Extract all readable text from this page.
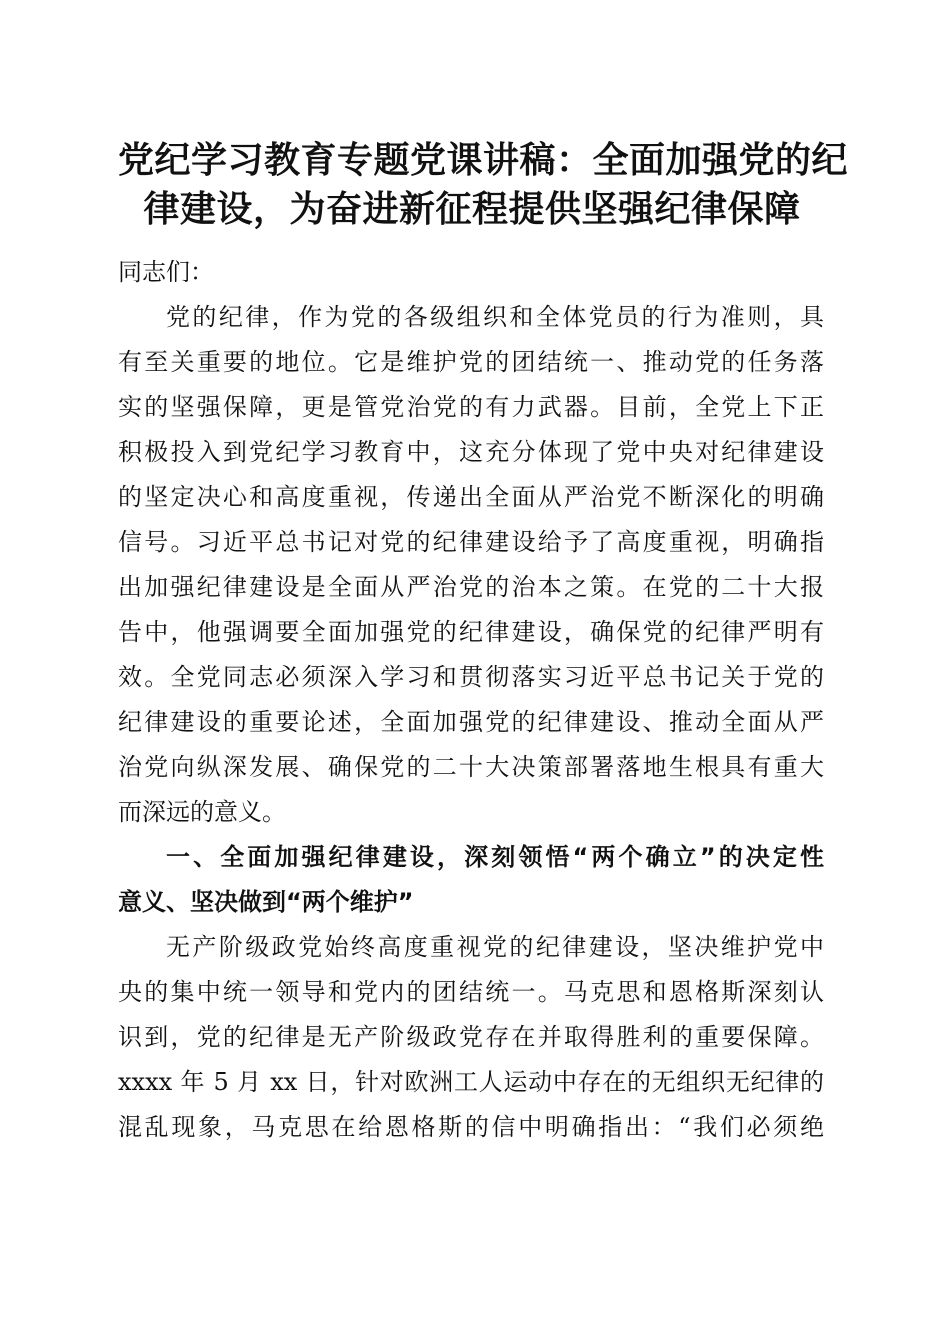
党纪学习教育专题党课讲稿：全面加强党的纪
律建设，为奋进新征程提供坚强纪律保障
同志们：
党的纪律，作为党的各级组织和全体党员的行为准则，具
有至关重要的地位。它是维护党的团结统一、推动党的任务落
实的坚强保障，更是管党治党的有力武器。目前，全党上下正
积极投入到党纪学习教育中，这充分体现了党中央对纪律建设
的坚定决心和高度重视，传递出全面从严治党不断深化的明确
信号。习近平总书记对党的纪律建设给予了高度重视，明确指
出加强纪律建设是全面从严治党的治本之策。在党的二十大报
告中，他强调要全面加强党的纪律建设，确保党的纪律严明有
效。全党同志必须深入学习和贯彻落实习近平总书记关于党的
纪律建设的重要论述，全面加强党的纪律建设、推动全面从严
治党向纵深发展、确保党的二十大决策部署落地生根具有重大
而深远的意义。
一、全面加强纪律建设，深刻领悟“两个确立”的决定性
意义、坚决做到“两个维护”
无产阶级政党始终高度重视党的纪律建设，坚决维护党中
央的集中统一领导和党内的团结统一。马克思和恩格斯深刻认
识到，党的纪律是无产阶级政党存在并取得胜利的重要保障。
xxxx 年 5 月 xx 日，针对欧洲工人运动中存在的无组织无纪律的
混乱现象，马克思在给恩格斯的信中明确指出：“我们必须绝
